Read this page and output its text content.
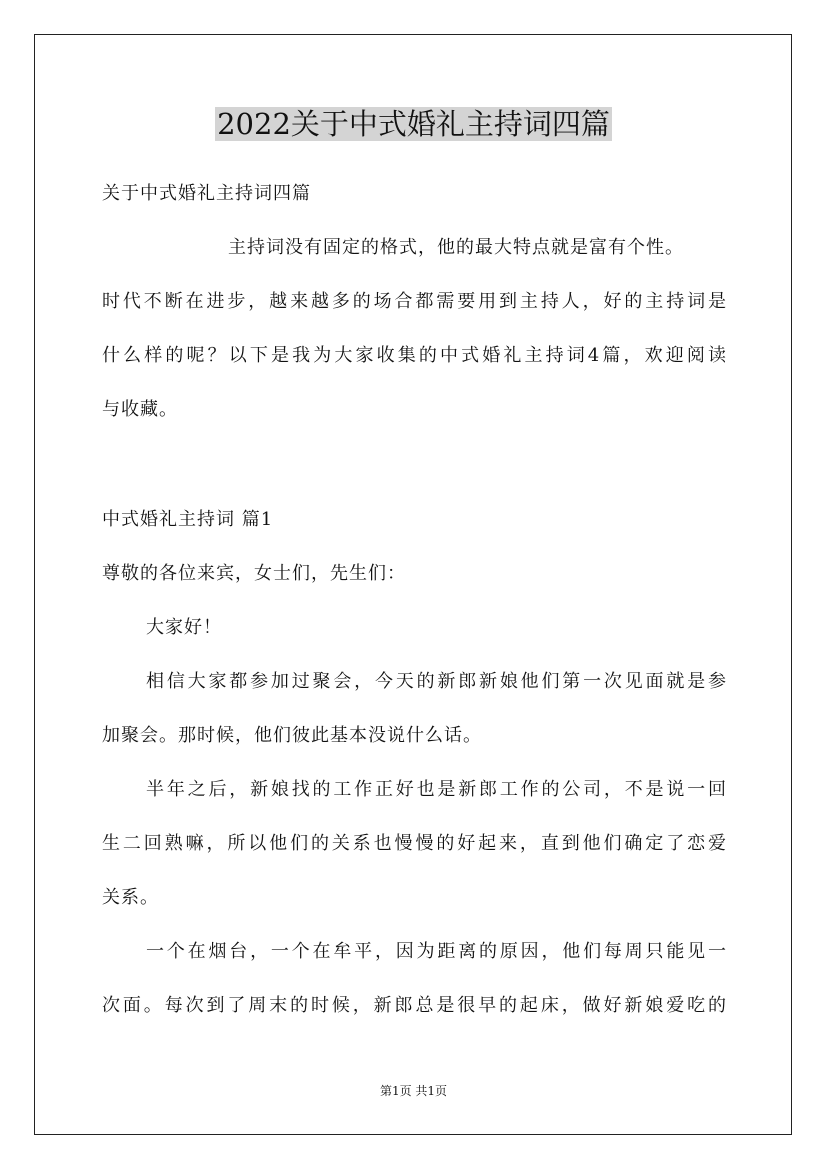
2022关于中式婚礼主持词四篇
关于中式婚礼主持词四篇
主持词没有固定的格式，他的最大特点就是富有个性。
时代不断在进步，越来越多的场合都需要用到主持人，好的主持词是
什么样的呢？以下是我为大家收集的中式婚礼主持词4篇，欢迎阅读
与收藏。
中式婚礼主持词 篇1
尊敬的各位来宾，女士们，先生们：
大家好！
相信大家都参加过聚会，今天的新郎新娘他们第一次见面就是参
加聚会。那时候，他们彼此基本没说什么话。
半年之后，新娘找的工作正好也是新郎工作的公司，不是说一回
生二回熟嘛，所以他们的关系也慢慢的好起来，直到他们确定了恋爱
关系。
一个在烟台，一个在牟平，因为距离的原因，他们每周只能见一
次面。每次到了周末的时候，新郎总是很早的起床，做好新娘爱吃的
第1页 共1页
